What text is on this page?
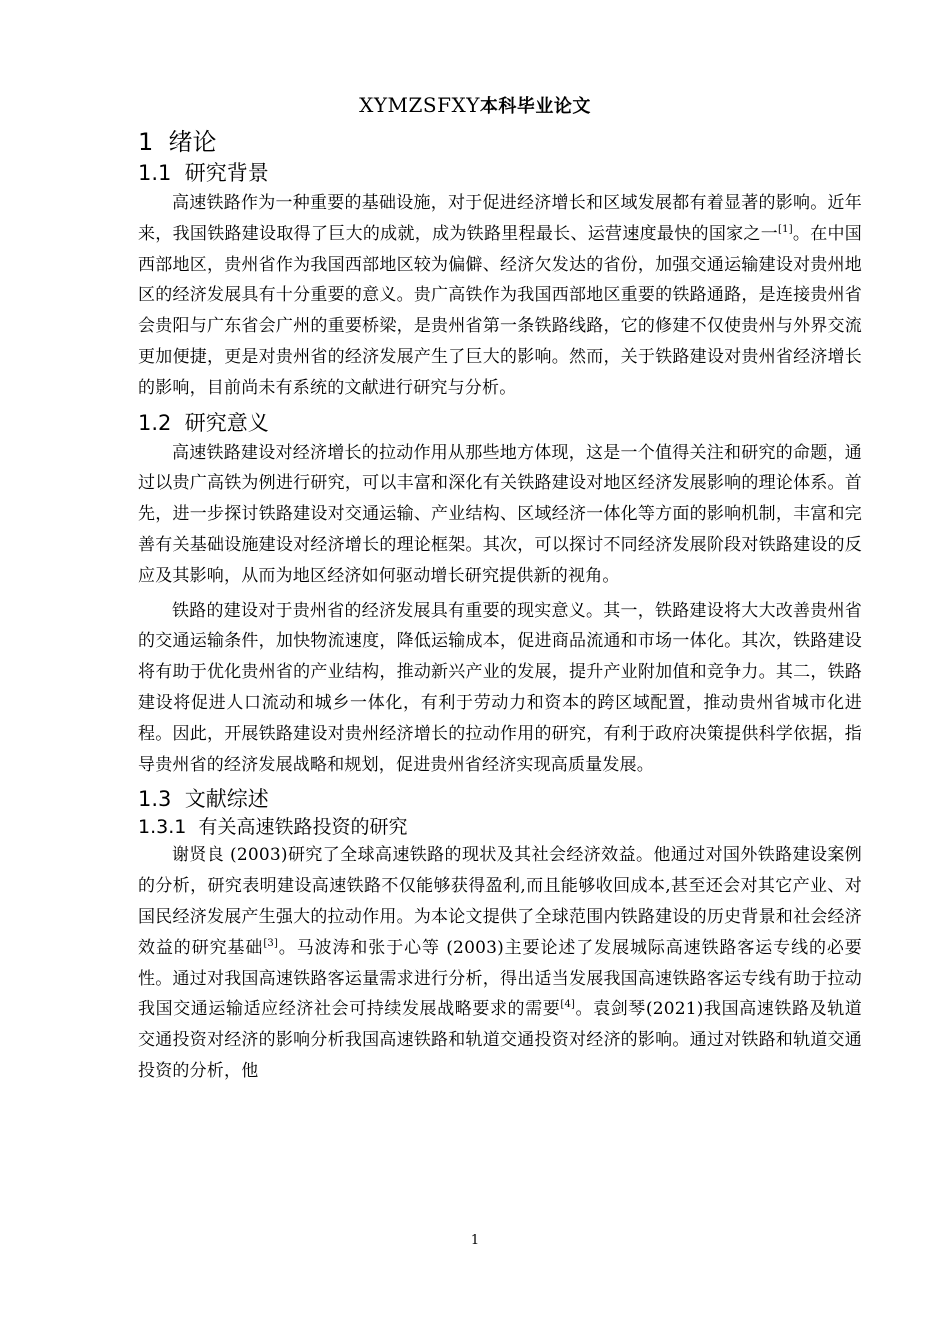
XYMZSFXY本科毕业论文
1 绪论
1.1 研究背景

高速铁路作为一种重要的基础设施，对于促进经济增长和区域发展都有着显著的影响。近年来，我国铁路建设取得了巨大的成就，成为铁路里程最长、运营速度最快的国家之一[1]。在中国西部地区，贵州省作为我国西部地区较为偏僻、经济欠发达的省份，加强交通运输建设对贵州地区的经济发展具有十分重要的意义。贵广高铁作为我国西部地区重要的铁路通路，是连接贵州省会贵阳与广东省会广州的重要桥梁，是贵州省第一条铁路线路，它的修建不仅使贵州与外界交流更加便捷，更是对贵州省的经济发展产生了巨大的影响。然而，关于铁路建设对贵州省经济增长的影响，目前尚未有系统的文献进行研究与分析。

1.2 研究意义

高速铁路建设对经济增长的拉动作用从那些地方体现，这是一个值得关注和研究的命题，通过以贵广高铁为例进行研究，可以丰富和深化有关铁路建设对地区经济发展影响的理论体系。首先，进一步探讨铁路建设对交通运输、产业结构、区域经济一体化等方面的影响机制，丰富和完善有关基础设施建设对经济增长的理论框架。其次，可以探讨不同经济发展阶段对铁路建设的反应及其影响，从而为地区经济如何驱动增长研究提供新的视角。

铁路的建设对于贵州省的经济发展具有重要的现实意义。其一，铁路建设将大大改善贵州省的交通运输条件，加快物流速度，降低运输成本，促进商品流通和市场一体化。其次，铁路建设将有助于优化贵州省的产业结构，推动新兴产业的发展，提升产业附加值和竞争力。其二，铁路建设将促进人口流动和城乡一体化，有利于劳动力和资本的跨区域配置，推动贵州省城市化进程。因此，开展铁路建设对贵州经济增长的拉动作用的研究，有利于政府决策提供科学依据，指导贵州省的经济发展战略和规划，促进贵州省经济实现高质量发展。

1.3 文献综述
1.3.1 有关高速铁路投资的研究

谢贤良 (2003)研究了全球高速铁路的现状及其社会经济效益。他通过对国外铁路建设案例的分析，研究表明建设高速铁路不仅能够获得盈利,而且能够收回成本,甚至还会对其它产业、对国民经济发展产生强大的拉动作用。为本论文提供了全球范围内铁路建设的历史背景和社会经济效益的研究基础[3]。马波涛和张于心等 (2003)主要论述了发展城际高速铁路客运专线的必要性。通过对我国高速铁路客运量需求进行分析，得出适当发展我国高速铁路客运专线有助于拉动我国交通运输适应经济社会可持续发展战略要求的需要[4]。袁剑琴(2021)我国高速铁路及轨道交通投资对经济的影响分析我国高速铁路和轨道交通投资对经济的影响。通过对铁路和轨道交通投资的分析，他

1
